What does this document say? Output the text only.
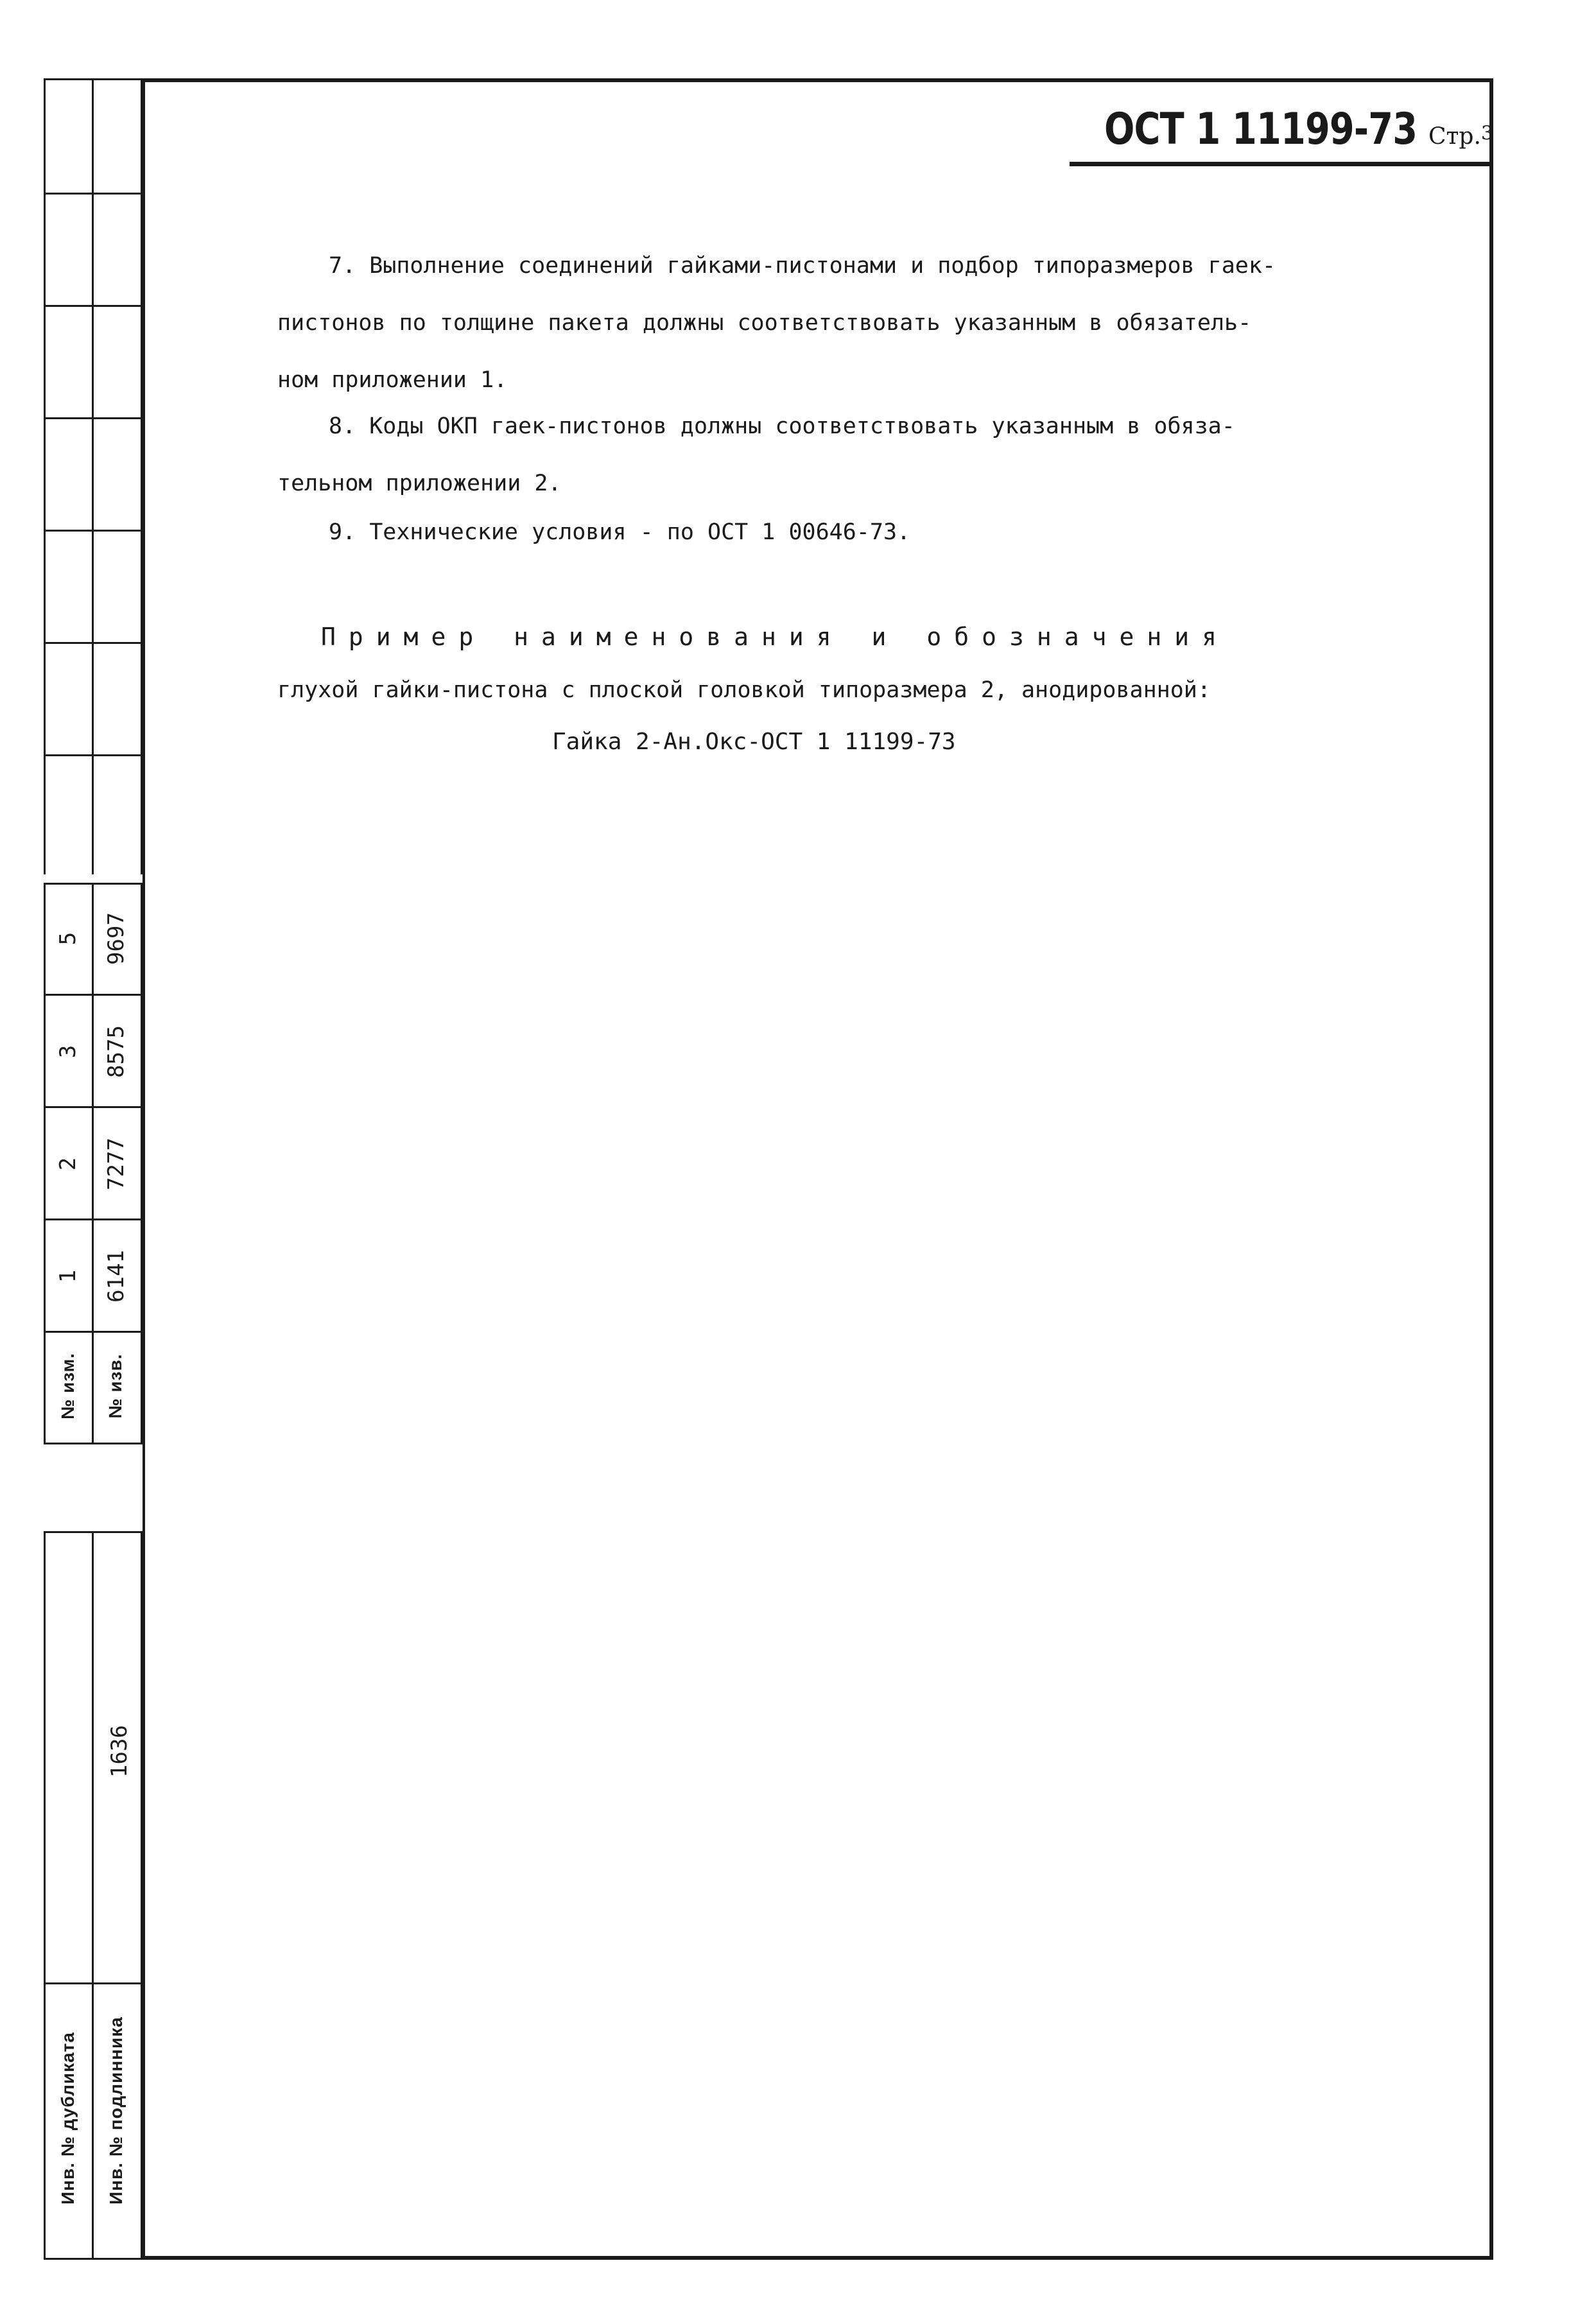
5 9697
3 8575
2 7277
1 6141
№ изм. № изв.
1636
Инв. № дубликата Инв. № подлинника
ОСТ 1 11199-73 Стр.3
7. Выполнение соединений гайками-пистонами и подбор типоразмеров гаек-
пистонов по толщине пакета должны соответствовать указанным в обязатель-
ном приложении 1.
8. Коды ОКП гаек-пистонов должны соответствовать указанным в обяза-
тельном приложении 2.
9. Технические условия - по ОСТ 1 00646-73.
Пример наименования и обозначения
глухой гайки-пистона с плоской головкой типоразмера 2, анодированной:
Гайка 2-Ан.Окс-ОСТ 1 11199-73
